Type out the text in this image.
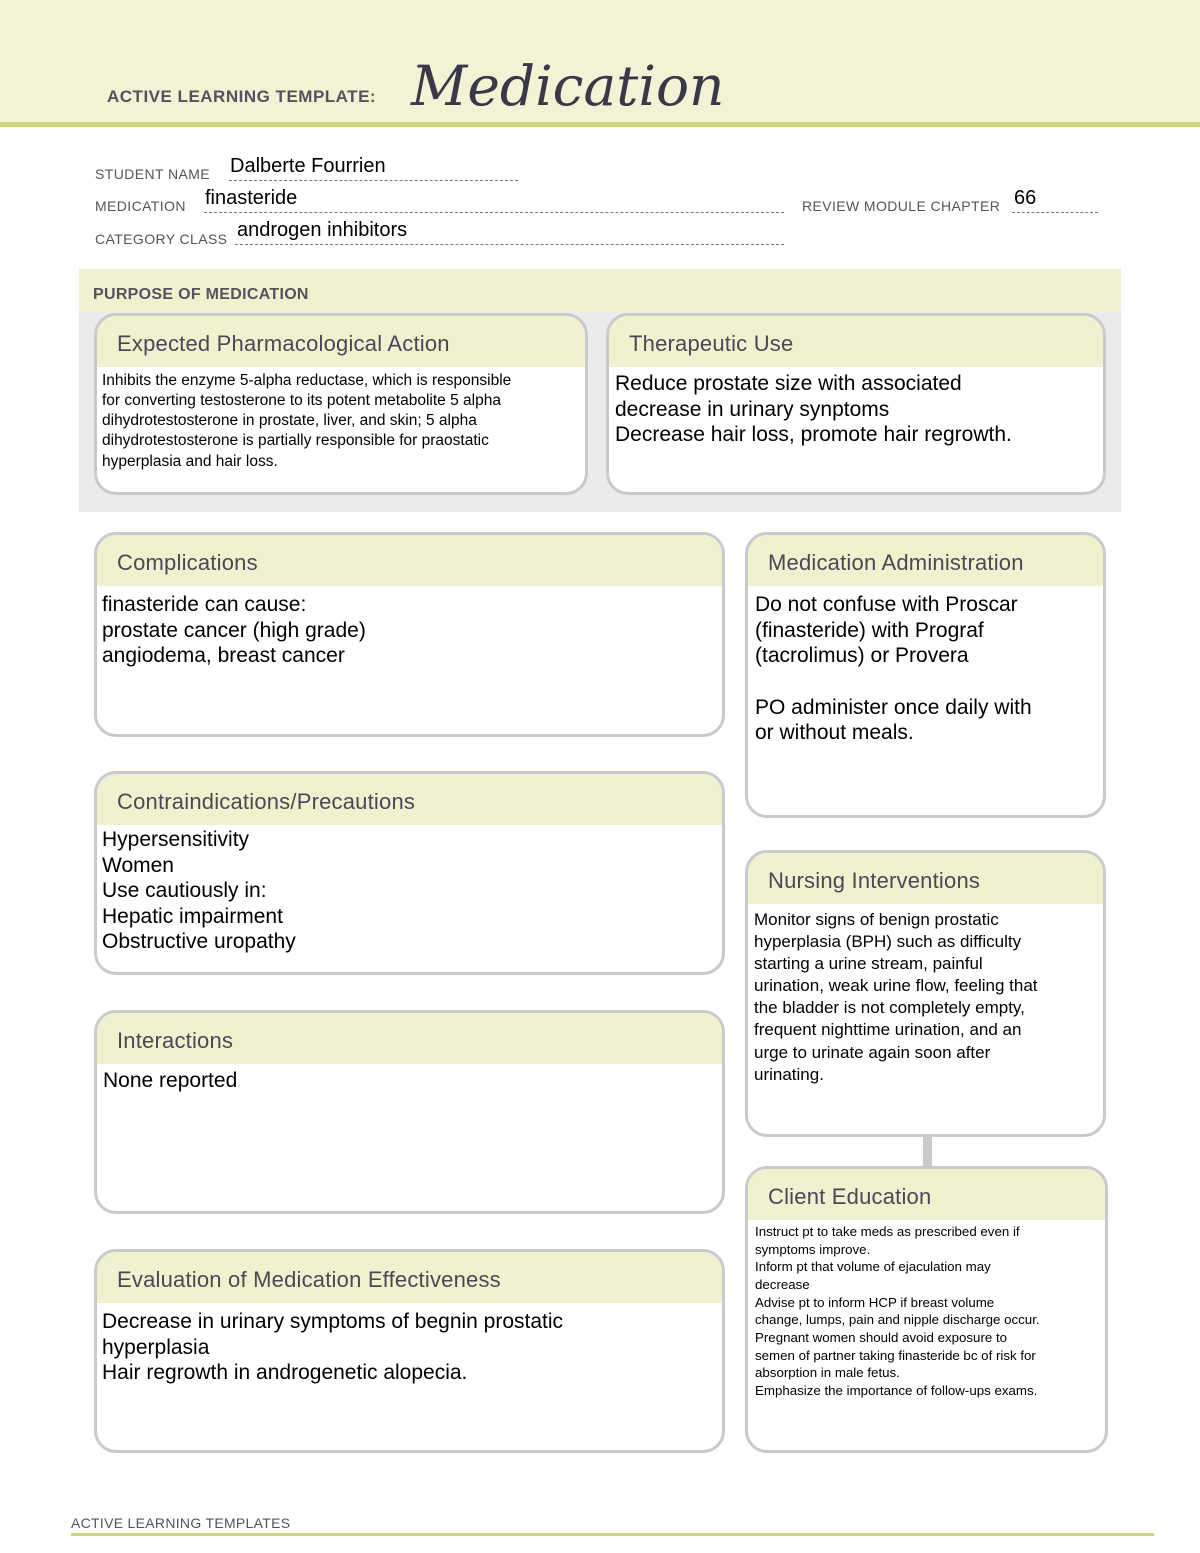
ACTIVE LEARNING TEMPLATE: Medication
STUDENT NAME Dalberte Fourrien
MEDICATION finasteride	REVIEW MODULE CHAPTER 66
CATEGORY CLASS androgen inhibitors
PURPOSE OF MEDICATION
Expected Pharmacological Action
Inhibits the enzyme 5-alpha reductase, which is responsible
for converting testosterone to its potent metabolite 5 alpha
dihydrotestosterone in prostate, liver, and skin; 5 alpha
dihydrotestosterone is partially responsible for praostatic
hyperplasia and hair loss.
Therapeutic Use
Reduce prostate size with associated
decrease in urinary synptoms
Decrease hair loss, promote hair regrowth.
Complications
finasteride can cause:
prostate cancer (high grade)
angiodema, breast cancer
Medication Administration
Do not confuse with Proscar
(finasteride) with Prograf
(tacrolimus) or Provera
PO administer once daily with
or without meals.
Contraindications/Precautions
Hypersensitivity
Women
Use cautiously in:
Hepatic impairment
Obstructive uropathy
Nursing Interventions
Monitor signs of benign prostatic
hyperplasia (BPH) such as difficulty
starting a urine stream, painful
urination, weak urine flow, feeling that
the bladder is not completely empty,
frequent nighttime urination, and an
urge to urinate again soon after
urinating.
Interactions
None reported
Client Education
Instruct pt to take meds as prescribed even if
symptoms improve.
Inform pt that volume of ejaculation may
decrease
Advise pt to inform HCP if breast volume
change, lumps, pain and nipple discharge occur.
Pregnant women should avoid exposure to
semen of partner taking finasteride bc of risk for
absorption in male fetus.
Emphasize the importance of follow-ups exams.
Evaluation of Medication Effectiveness
Decrease in urinary symptoms of begnin prostatic
hyperplasia
Hair regrowth in androgenetic alopecia.
ACTIVE LEARNING TEMPLATES
